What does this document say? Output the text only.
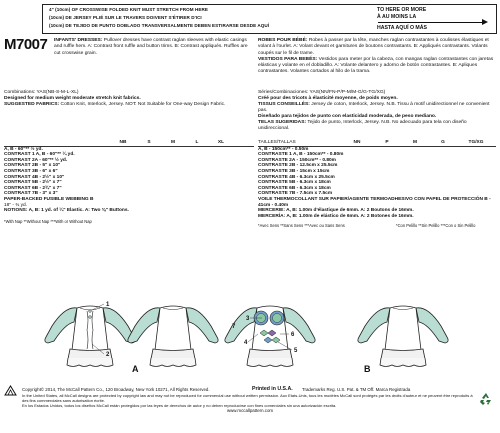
4" (10cm) OF CROSSWISE FOLDED KNIT MUST STRETCH FROM HERE
(10cm) DE JERSEY PLIÉ SUR LE TRAVERS DOIVENT S'ÉTIRER D'ICI
(10cm) DE TEJIDO DE PUNTO DOBLADO TRANSVERSALMENTE DEBEN ESTIRARSE DESDE AQUÍ
TO HERE OR MORE
À AU MOINS LA
HASTA AQUÍ O MÁS
M7007 INFANTS' DRESSES: Pullover dresses have contrast raglan sleeves with elastic casings and ruffle hem. A: Contrast front ruffle and button trims. B: Contrast appliqués. Ruffles are cut crosswise grain.
ROBES POUR BÉBÉ: Robes à passer par la tête, manches raglan contrastantes à coulisses élastiques et volant à l'ourlet. A: Volant devant et garnitures de boutons contrastants. B: Appliqués contrastants. Volants coupés sur le fil de trame.
VESTIDOS PARA BEBÉS: Vestidos para meter por la cabeza, con mangas raglan contrastantes con jaretas elásticas y volante en el dobladillo. A: Volante delantero y adorno de botón contrastantes. B: Apliques contrastantes. Volantes cortados al hilo de la trama.
Combinations: YAS(NB-S-M-L-XL)
Designed for medium weight moderate stretch knit fabrics.
SUGGESTED FABRICS: Cotton Knit, Interlock, Jersey. NOT: Not Suitable for One-way Design Fabric.
Séries/Combinaciones: YAS(NN/FN-P/P-M/M-G/G-TG/XG)
Créé pour des tricots à élasticité moyenne, de poids moyen.
TISSUS CONSEILLÉS: Jersey de coton, Interlock, Jersey. N.B. Tissu à motif unidirectionnel ne convenient pas.
Diseñado para tejidos de punto con elasticidad moderada, de peso mediano.
TELAS SUGERIDAS: Tejido de punto, Interlock, Jersey. N.B. No adecuado para tela con diseño unidireccional.
NB	S	M	L	XL
A, B - 60"** ½ yd.
CONTRAST 1 A, B - 60"** ¼ yd.
CONTRAST 2A - 60"** ½ yd.
CONTRAST 2B - 5" x 10"
CONTRAST 3B - 6" x 6"
CONTRAST 4B - 2½" x 10"
CONTRAST 5B - 2½" x 7"
CONTRAST 6B - 2¾" x 7"
CONTRAST 7B - 3" x 3"
PAPER-BACKED FUSIBLE WEBBING B
18" - ¾ yd.
NOTIONS: A, B: 1 yd. of ¼" Elastic. A: Two ⅜" Buttons.
*With Nap **Without Nap ***With or Without Nap
TAILLES/TALLAS	NN	P	M	G	TG/XG
A, B - 150cm** - 0.50m
CONTRASTE 1 A, B - 150cm** - 0.80m
CONTRASTE 2A - 150cm** - 0.80m
CONTRASTE 2B - 12.5cm x 25.5cm
CONTRASTE 3B - 15cm x 15cm
CONTRASTE 4B - 6.3cm x 25.5cm
CONTRASTE 5B - 6.3cm x 18cm
CONTRASTE 6B - 6.3cm x 18cm
CONTRASTE 7B - 7.5cm x 7.5cm
VOILE THERMOCOLLANT SUR PAPIER/AGENTE TERMOADHESIVO CON PAPEL DE PROTECCIÓN B - 41cm - 0.40m
MERCERIE: A, B: 1.00m d'élastique de 6mm. A: 2 Boutons de 16mm.
MERCERÍA: A, B: 1.00m de elástico de 6mm. A: 2 Botones de 16mm.
*Avec Sens **Sans Sens ***Avec ou Sans Sens	*Con Pelillo **Sin Pelillo ***Con o Sin Pelillo
1
2
3
4
5
6
7
A	B
Copyright© 2014, The McCall Pattern Co., 120 Broadway, New York 10271, All Rights Reserved.	Printed in U.S.A. Trademarks Reg. U.S. Pat. & TM Off. Marca Registrada
In the United States, all McCall designs are protected by copyright law and may not be reproduced for commercial use without written permission. Aux Etats-Unis, tous les modèles McCall sont protégés par les droits d'auteur et ne peuvent être reproduits à des fins commerciales sans autorisation écrite.
En los Estados Unidos, todos los diseños McCall están protegidos por las leyes de derechos de autor y no deben reproducirse con fines comerciales sin una autorización escrita.
www.mccallpattern.com
